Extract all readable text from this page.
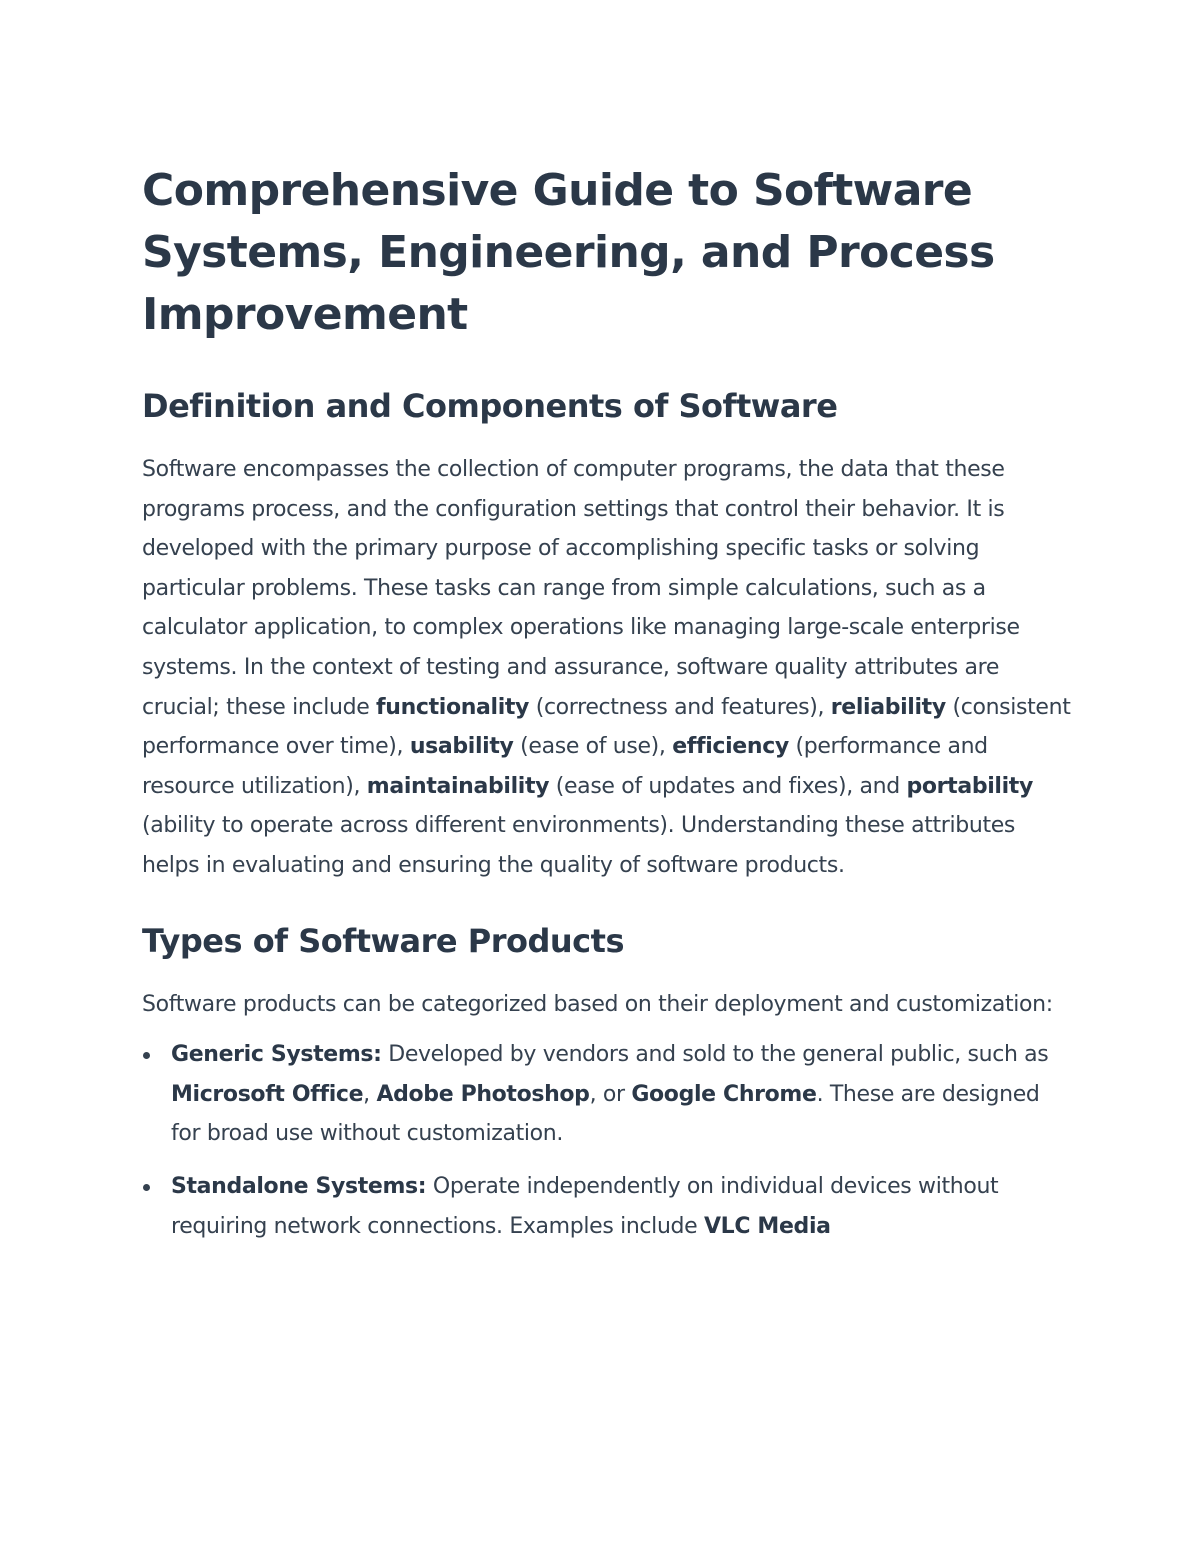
Comprehensive Guide to Software Systems, Engineering, and Process Improvement
Definition and Components of Software

Software encompasses the collection of computer programs, the data that these programs process, and the configuration settings that control their behavior. It is developed with the primary purpose of accomplishing specific tasks or solving particular problems. These tasks can range from simple calculations, such as a calculator application, to complex operations like managing large-scale enterprise systems. In the context of testing and assurance, software quality attributes are crucial; these include functionality (correctness and features), reliability (consistent performance over time), usability (ease of use), efficiency (performance and resource utilization), maintainability (ease of updates and fixes), and portability (ability to operate across different environments). Understanding these attributes helps in evaluating and ensuring the quality of software products.

Types of Software Products

Software products can be categorized based on their deployment and customization:

Generic Systems: Developed by vendors and sold to the general public, such as Microsoft Office, Adobe Photoshop, or Google Chrome. These are designed for broad use without customization.
Standalone Systems: Operate independently on individual devices without requiring network connections. Examples include VLC Media
